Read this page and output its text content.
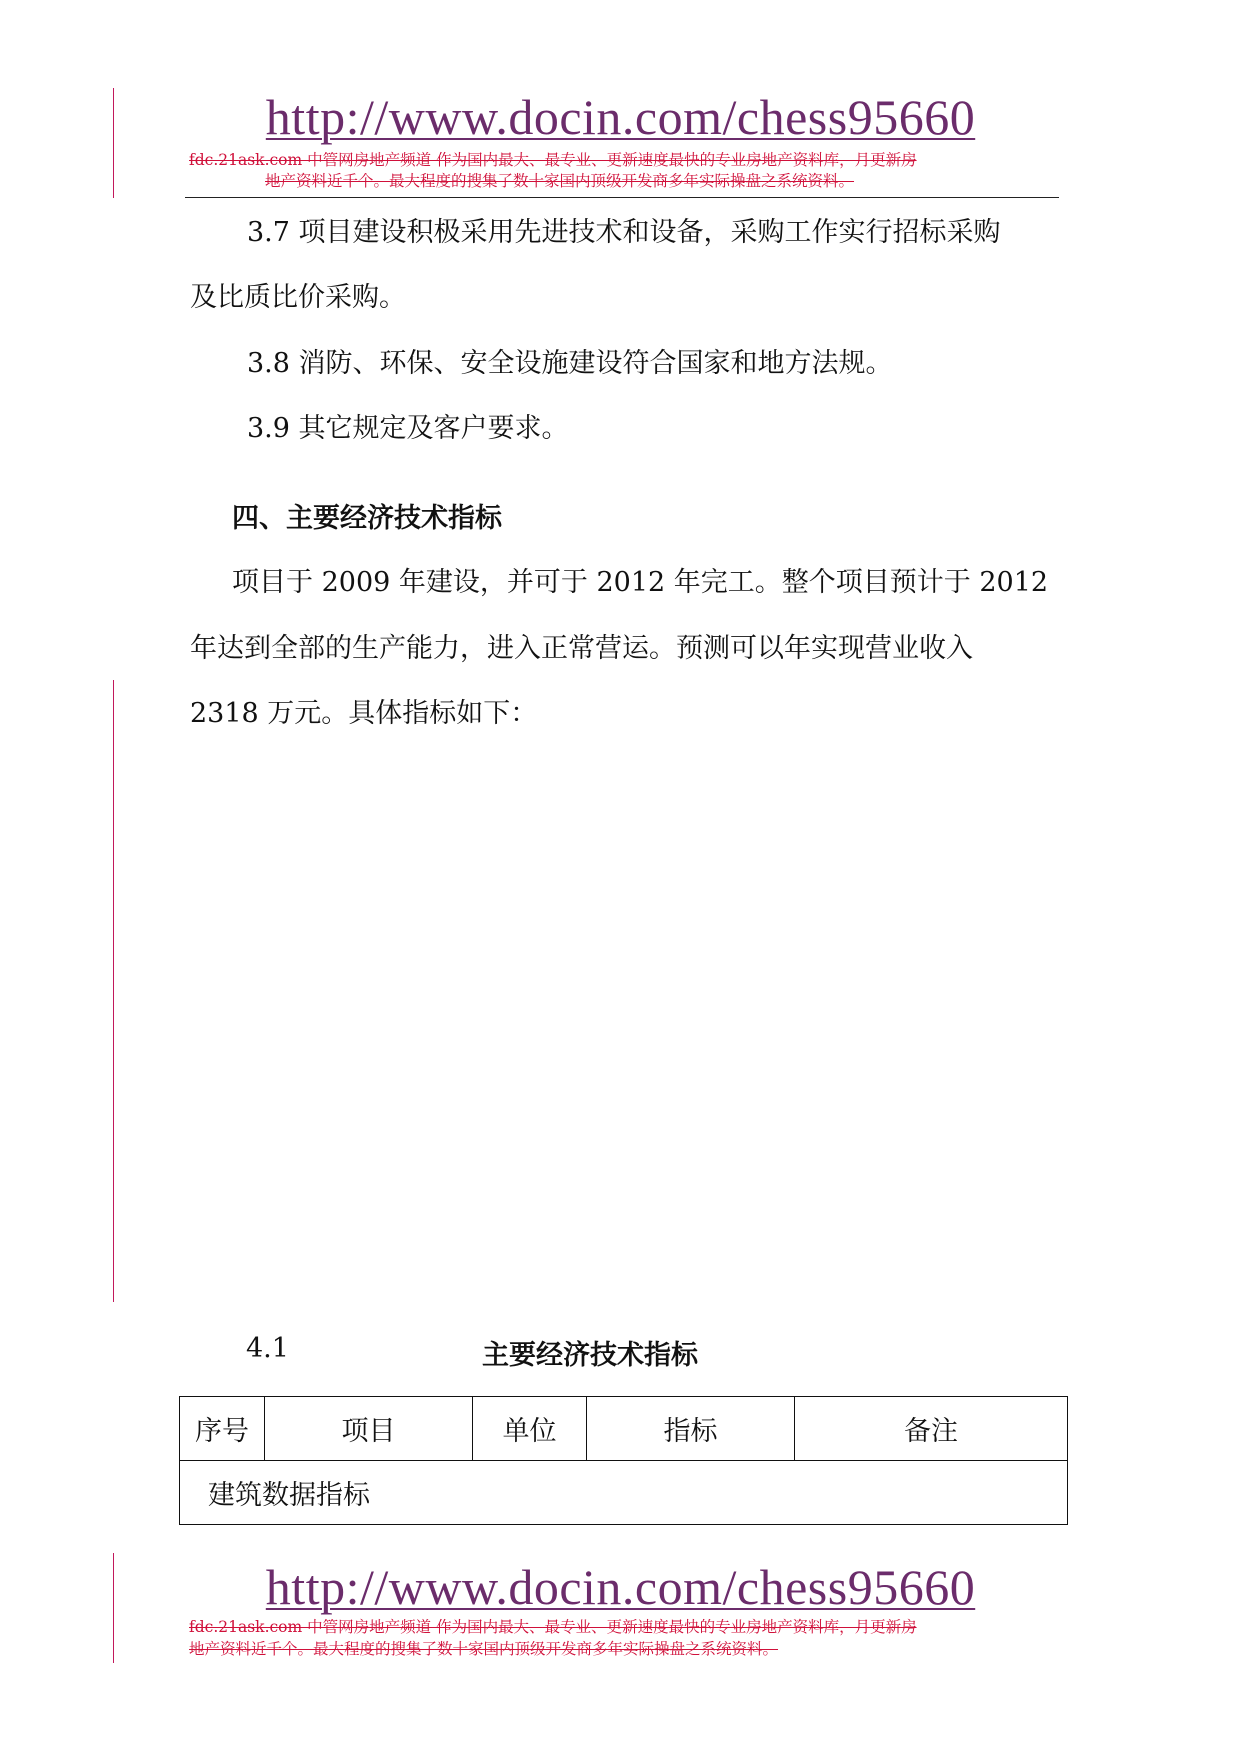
http://www.docin.com/chess95660
fdc.21ask.com 中管网房地产频道 作为国内最大、最专业、更新速度最快的专业房地产资料库，月更新房
地产资料近千个。最大程度的搜集了数十家国内顶级开发商多年实际操盘之系统资料。
3.7 项目建设积极采用先进技术和设备，采购工作实行招标采购
及比质比价采购。
3.8 消防、环保、安全设施建设符合国家和地方法规。
3.9 其它规定及客户要求。
四、主要经济技术指标
项目于 2009 年建设，并可于 2012 年完工。整个项目预计于 2012
年达到全部的生产能力，进入正常营运。预测可以年实现营业收入
2318 万元。具体指标如下：
4.1	主要经济技术指标
序号	项目	单位	指标	备注
建筑数据指标
http://www.docin.com/chess95660
fdc.21ask.com 中管网房地产频道 作为国内最大、最专业、更新速度最快的专业房地产资料库，月更新房
地产资料近千个。最大程度的搜集了数十家国内顶级开发商多年实际操盘之系统资料。
